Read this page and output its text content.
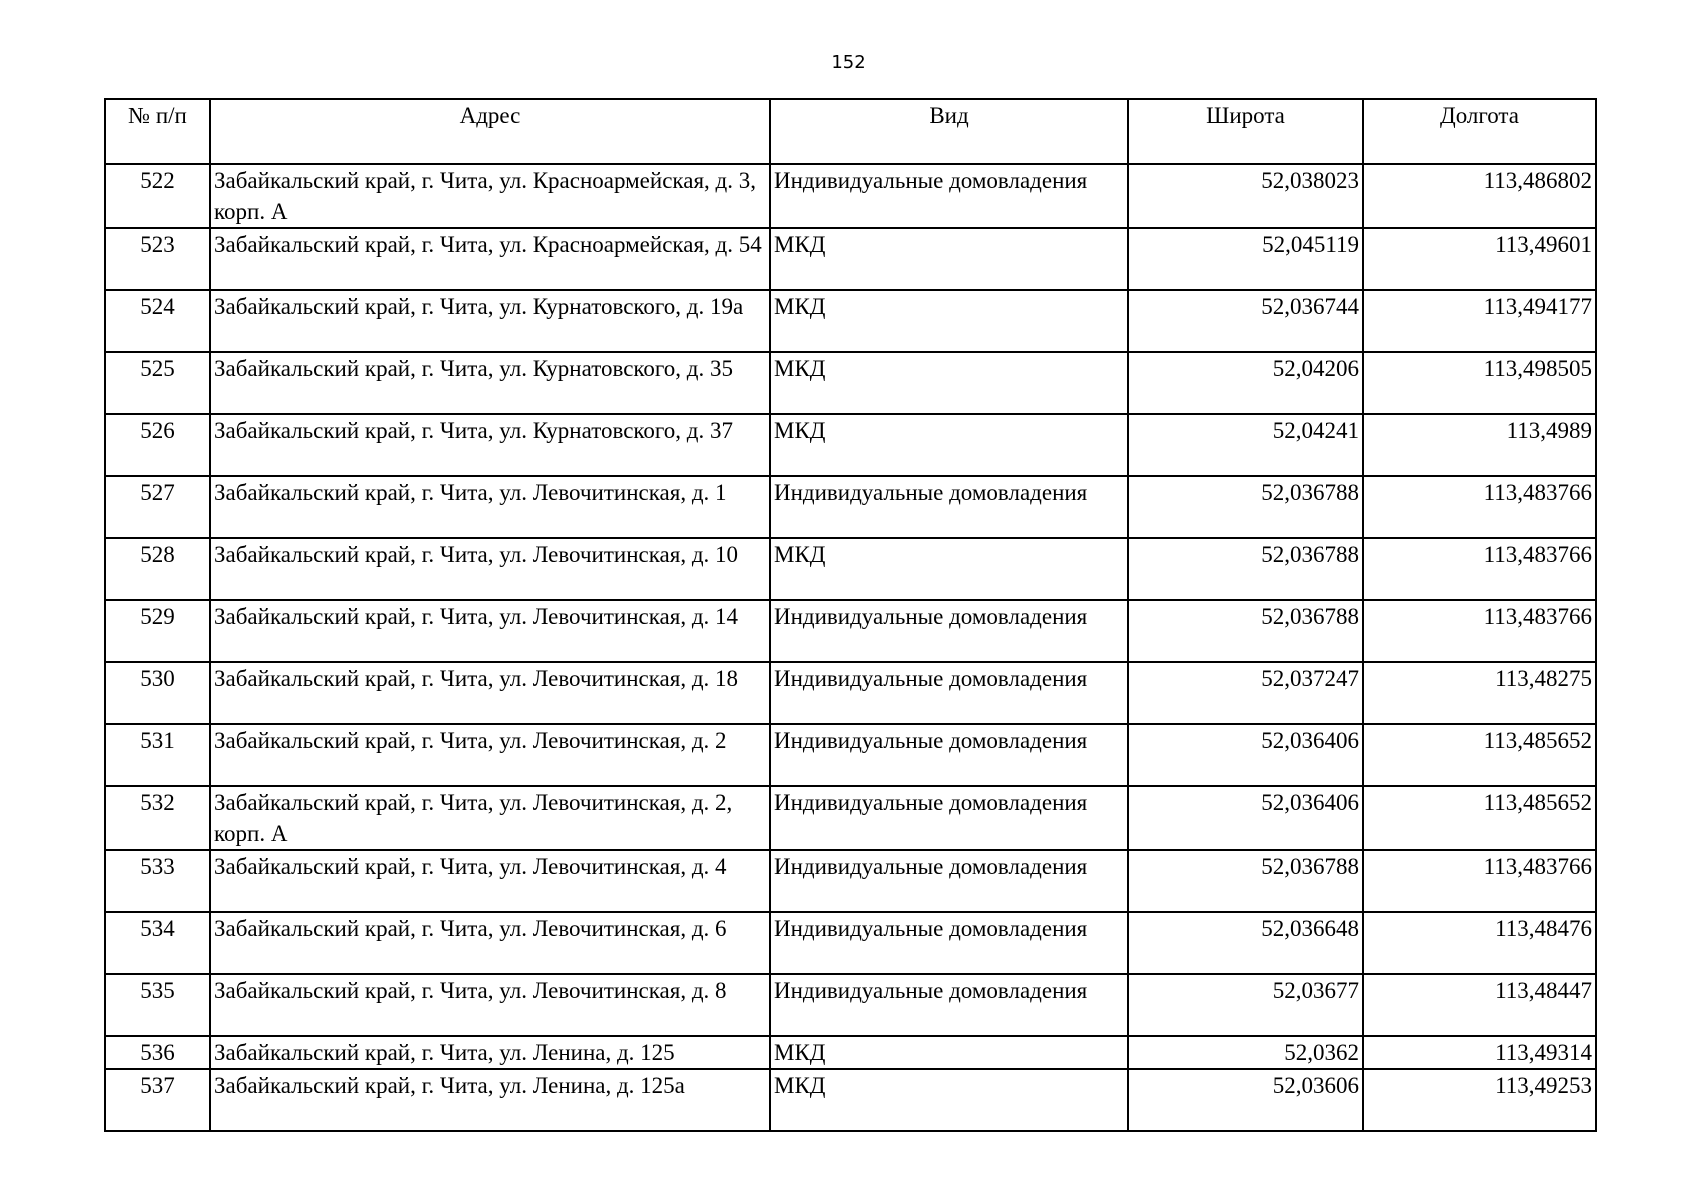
152
№ п/п	Адрес	Вид	Широта	Долгота
522	Забайкальский край, г. Чита, ул. Красноармейская, д. 3, корп. А	Индивидуальные домовладения	52,038023	113,486802
523	Забайкальский край, г. Чита, ул. Красноармейская, д. 54	МКД	52,045119	113,49601
524	Забайкальский край, г. Чита, ул. Курнатовского, д. 19а	МКД	52,036744	113,494177
525	Забайкальский край, г. Чита, ул. Курнатовского, д. 35	МКД	52,04206	113,498505
526	Забайкальский край, г. Чита, ул. Курнатовского, д. 37	МКД	52,04241	113,4989
527	Забайкальский край, г. Чита, ул. Левочитинская, д. 1	Индивидуальные домовладения	52,036788	113,483766
528	Забайкальский край, г. Чита, ул. Левочитинская, д. 10	МКД	52,036788	113,483766
529	Забайкальский край, г. Чита, ул. Левочитинская, д. 14	Индивидуальные домовладения	52,036788	113,483766
530	Забайкальский край, г. Чита, ул. Левочитинская, д. 18	Индивидуальные домовладения	52,037247	113,48275
531	Забайкальский край, г. Чита, ул. Левочитинская, д. 2	Индивидуальные домовладения	52,036406	113,485652
532	Забайкальский край, г. Чита, ул. Левочитинская, д. 2, корп. А	Индивидуальные домовладения	52,036406	113,485652
533	Забайкальский край, г. Чита, ул. Левочитинская, д. 4	Индивидуальные домовладения	52,036788	113,483766
534	Забайкальский край, г. Чита, ул. Левочитинская, д. 6	Индивидуальные домовладения	52,036648	113,48476
535	Забайкальский край, г. Чита, ул. Левочитинская, д. 8	Индивидуальные домовладения	52,03677	113,48447
536	Забайкальский край, г. Чита, ул. Ленина, д. 125	МКД	52,0362	113,49314
537	Забайкальский край, г. Чита, ул. Ленина, д. 125а	МКД	52,03606	113,49253
